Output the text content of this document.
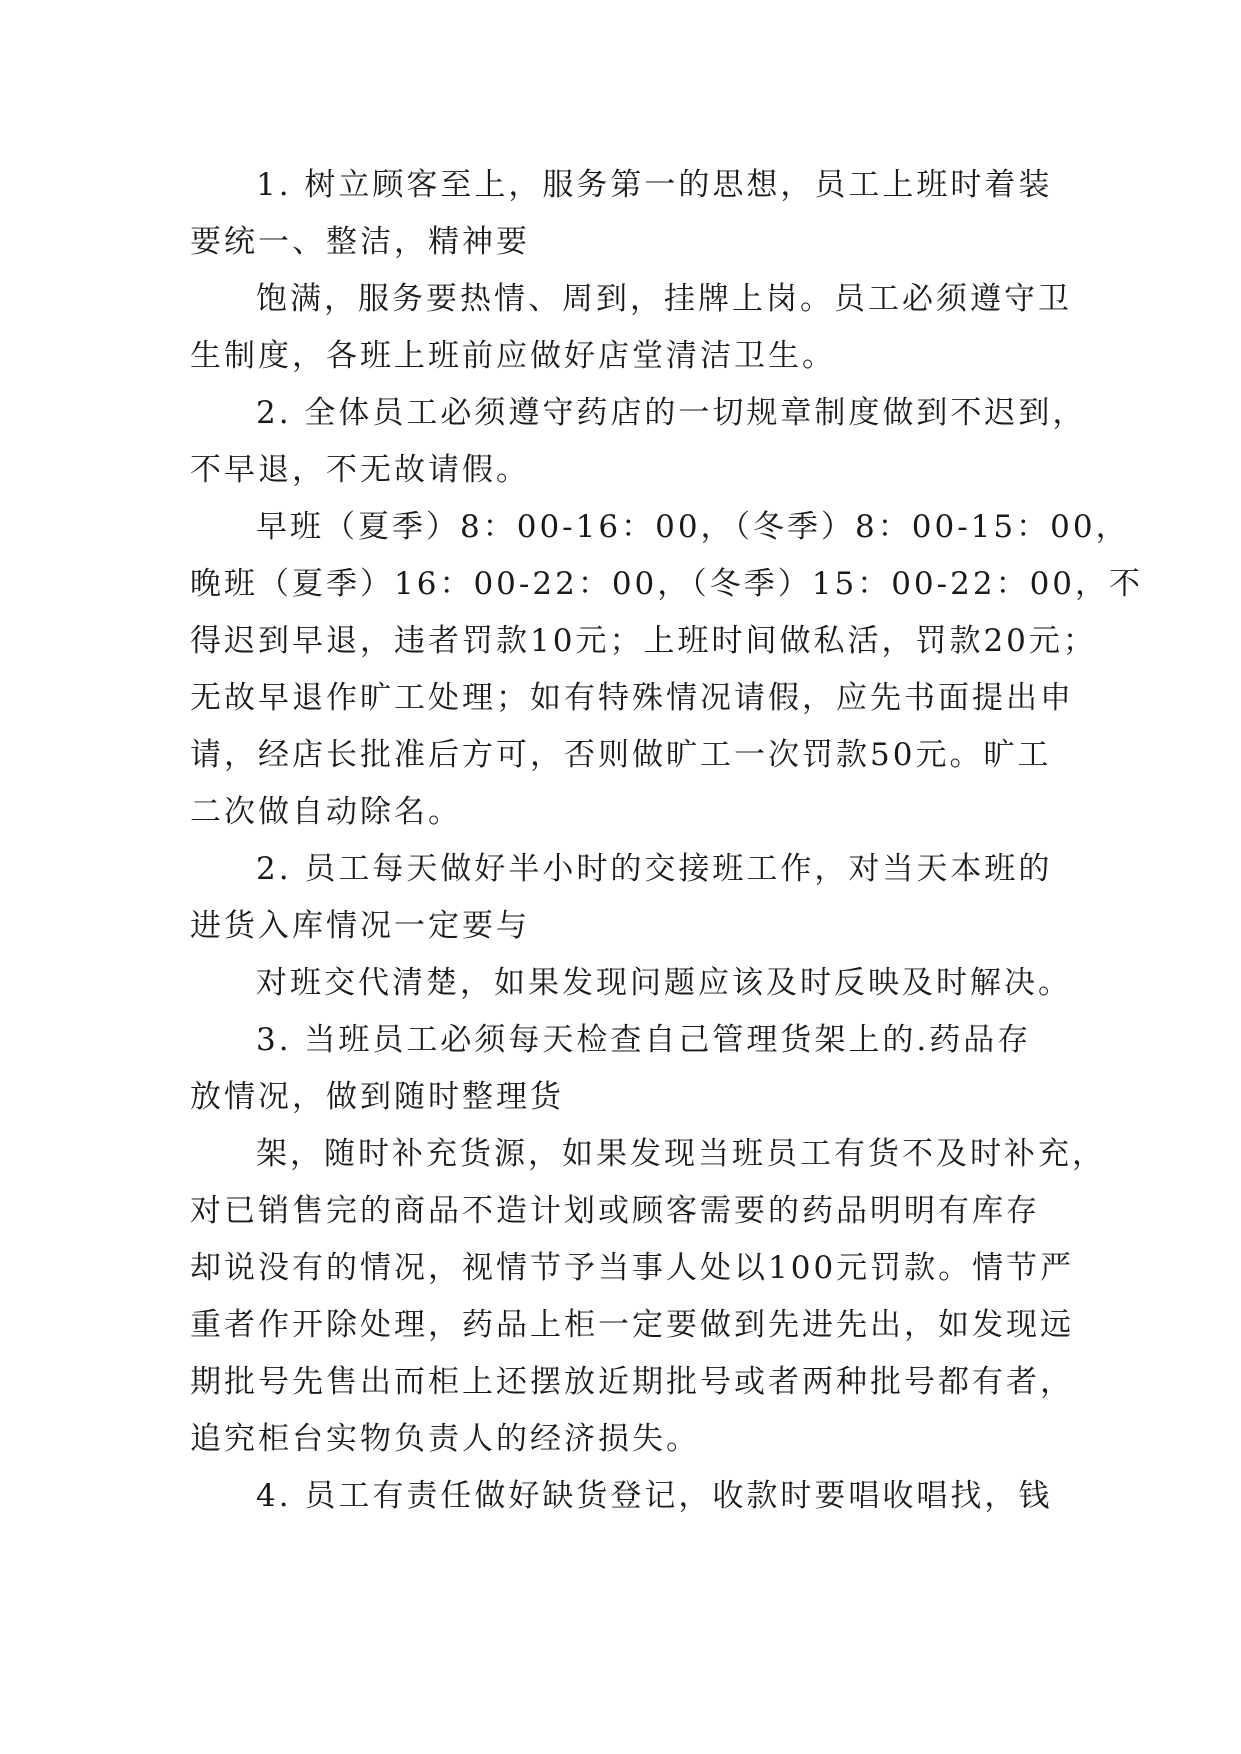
1. 树立顾客至上，服务第一的思想，员工上班时着装
要统一、整洁，精神要
饱满，服务要热情、周到，挂牌上岗。员工必须遵守卫
生制度，各班上班前应做好店堂清洁卫生。
2. 全体员工必须遵守药店的一切规章制度做到不迟到，
不早退，不无故请假。
早班（夏季）8：00-16：00，（冬季）8：00-15：00，
晚班（夏季）16：00-22：00，（冬季）15：00-22：00，不
得迟到早退，违者罚款10元；上班时间做私活，罚款20元；
无故早退作旷工处理；如有特殊情况请假，应先书面提出申
请，经店长批准后方可，否则做旷工一次罚款50元。旷工
二次做自动除名。
2. 员工每天做好半小时的交接班工作，对当天本班的
进货入库情况一定要与
对班交代清楚，如果发现问题应该及时反映及时解决。
3. 当班员工必须每天检查自己管理货架上的.药品存
放情况，做到随时整理货
架，随时补充货源，如果发现当班员工有货不及时补充，
对已销售完的商品不造计划或顾客需要的药品明明有库存
却说没有的情况，视情节予当事人处以100元罚款。情节严
重者作开除处理，药品上柜一定要做到先进先出，如发现远
期批号先售出而柜上还摆放近期批号或者两种批号都有者，
追究柜台实物负责人的经济损失。
4. 员工有责任做好缺货登记，收款时要唱收唱找，钱
